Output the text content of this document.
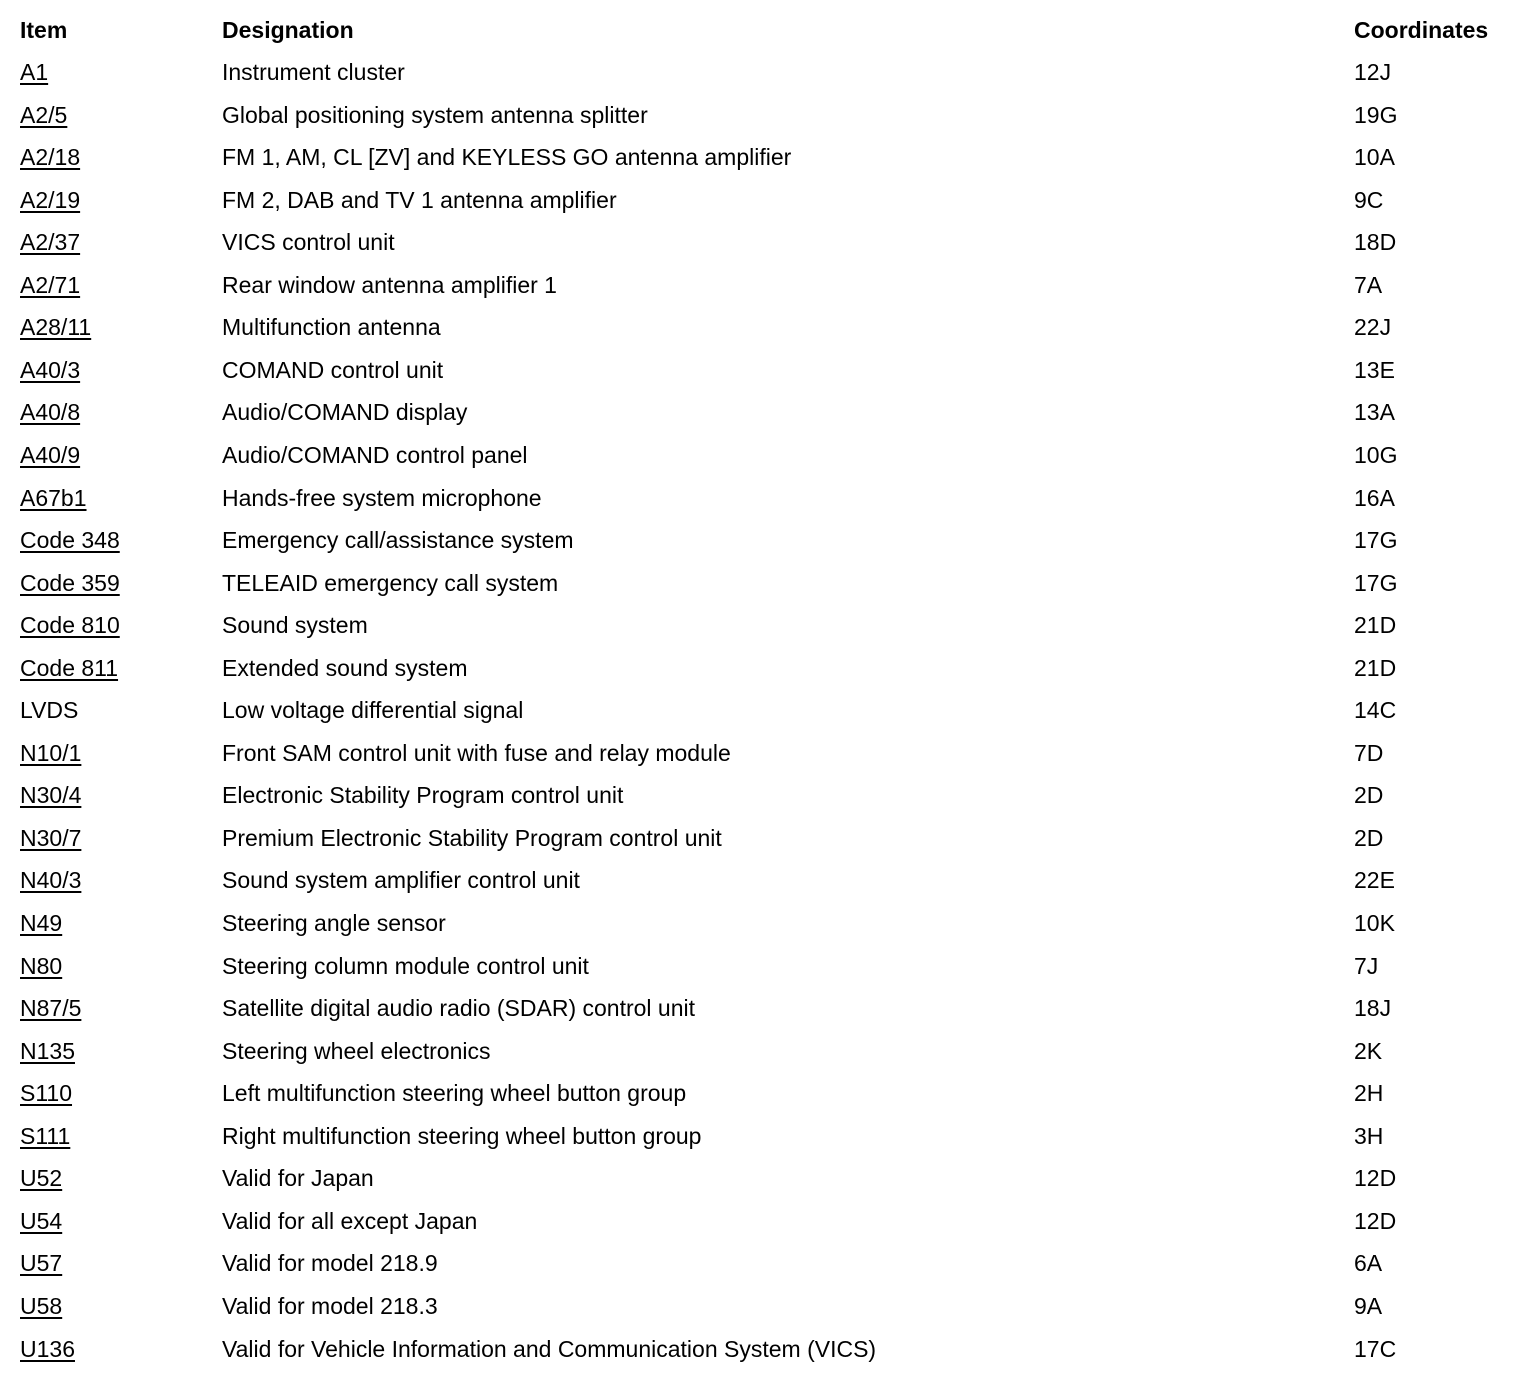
Item	Designation	Coordinates
A1	Instrument cluster	12J
A2/5	Global positioning system antenna splitter	19G
A2/18	FM 1, AM, CL [ZV] and KEYLESS GO antenna amplifier	10A
A2/19	FM 2, DAB and TV 1 antenna amplifier	9C
A2/37	VICS control unit	18D
A2/71	Rear window antenna amplifier 1	7A
A28/11	Multifunction antenna	22J
A40/3	COMAND control unit	13E
A40/8	Audio/COMAND display	13A
A40/9	Audio/COMAND control panel	10G
A67b1	Hands-free system microphone	16A
Code 348	Emergency call/assistance system	17G
Code 359	TELEAID emergency call system	17G
Code 810	Sound system	21D
Code 811	Extended sound system	21D
LVDS	Low voltage differential signal	14C
N10/1	Front SAM control unit with fuse and relay module	7D
N30/4	Electronic Stability Program control unit	2D
N30/7	Premium Electronic Stability Program control unit	2D
N40/3	Sound system amplifier control unit	22E
N49	Steering angle sensor	10K
N80	Steering column module control unit	7J
N87/5	Satellite digital audio radio (SDAR) control unit	18J
N135	Steering wheel electronics	2K
S110	Left multifunction steering wheel button group	2H
S111	Right multifunction steering wheel button group	3H
U52	Valid for Japan	12D
U54	Valid for all except Japan	12D
U57	Valid for model 218.9	6A
U58	Valid for model 218.3	9A
U136	Valid for Vehicle Information and Communication System (VICS)	17C
